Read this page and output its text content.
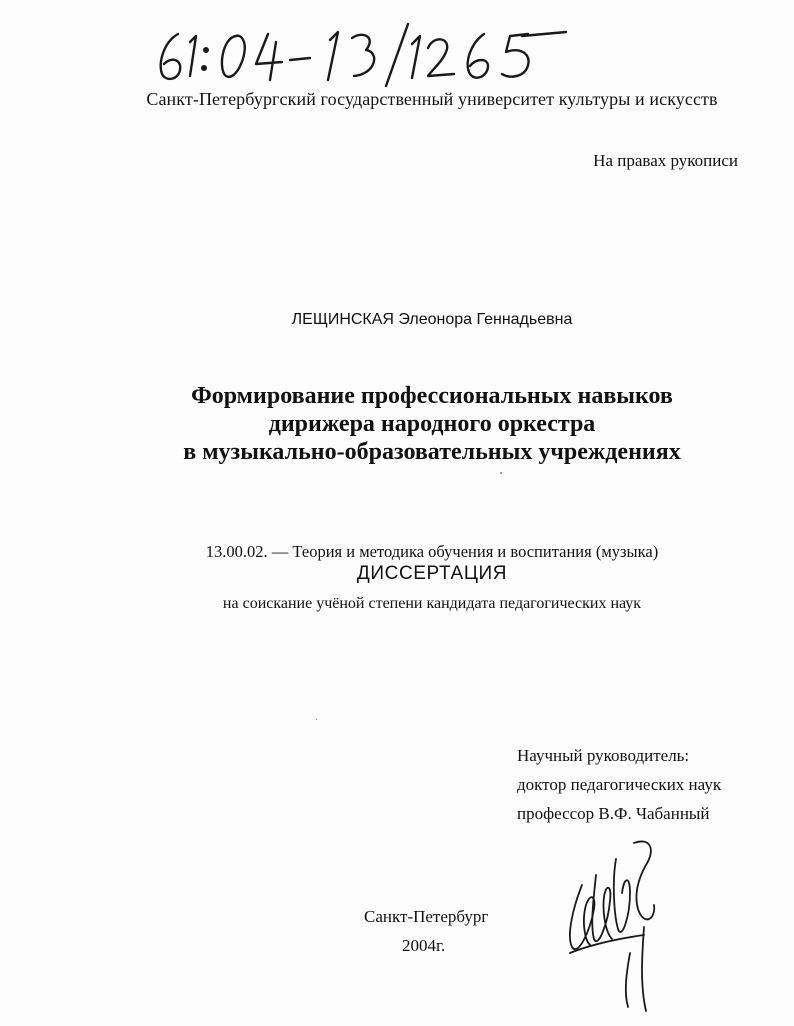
Санкт-Петербургский государственный университет культуры и искусств
На правах рукописи
ЛЕЩИНСКАЯ Элеонора Геннадьевна
Формирование профессиональных навыков
дирижера народного оркестра
в музыкально-образовательных учреждениях
13.00.02. — Теория и методика обучения и воспитания (музыка)
ДИССЕРТАЦИЯ
на соискание учёной степени кандидата педагогических наук
Научный руководитель:
доктор педагогических наук
профессор В.Ф. Чабанный
Санкт-Петербург
2004г.
